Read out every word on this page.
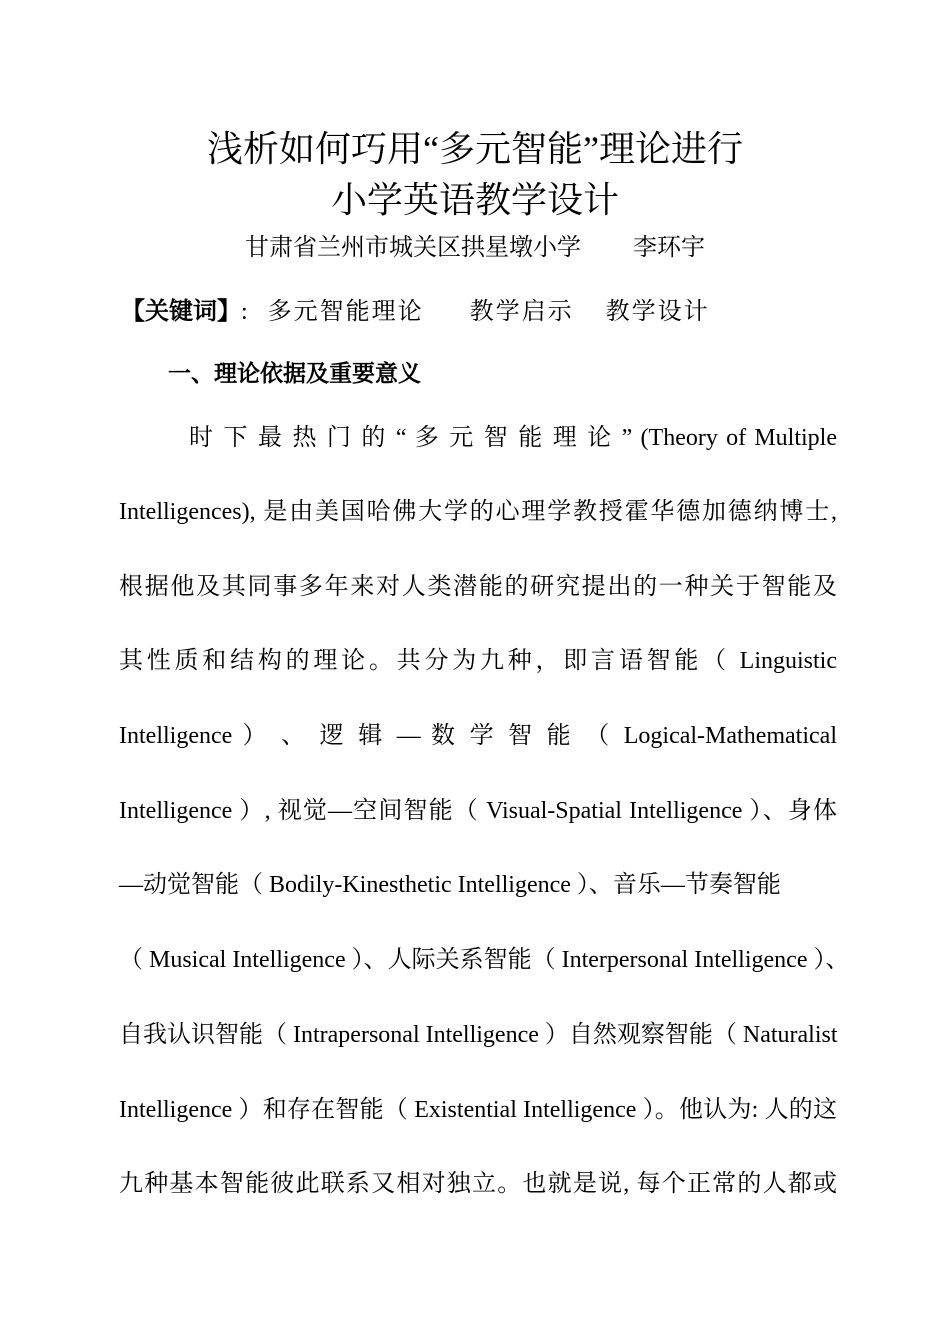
浅析如何巧用“多元智能”理论进行
小学英语教学设计
甘肃省兰州市城关区拱星墩小学 李环宇
【关键词】: 多元智能理论 教学启示 教学设计
一、理论依据及重要意义
时 下 最 热 门 的 “ 多 元 智 能 理 论 ” (Theory of Multiple
Intelligences), 是由美国哈佛大学的心理学教授霍华德加德纳博士,
根据他及其同事多年来对人类潜能的研究提出的一种关于智能及
其性质和结构的理论。共分为九种，即言语智能（ Linguistic
Intelligence ） 、 逻 辑 — 数 学 智 能 （ Logical-Mathematical
Intelligence ）, 视觉—空间智能（ Visual-Spatial Intelligence ）、身体
—动觉智能（ Bodily-Kinesthetic Intelligence ）、音乐—节奏智能
（ Musical Intelligence ）、人际关系智能（ Interpersonal Intelligence ）、
自我认识智能（ Intrapersonal Intelligence ）自然观察智能（ Naturalist
Intelligence ）和存在智能（ Existential Intelligence ）。他认为: 人的这
九种基本智能彼此联系又相对独立。也就是说, 每个正常的人都或
